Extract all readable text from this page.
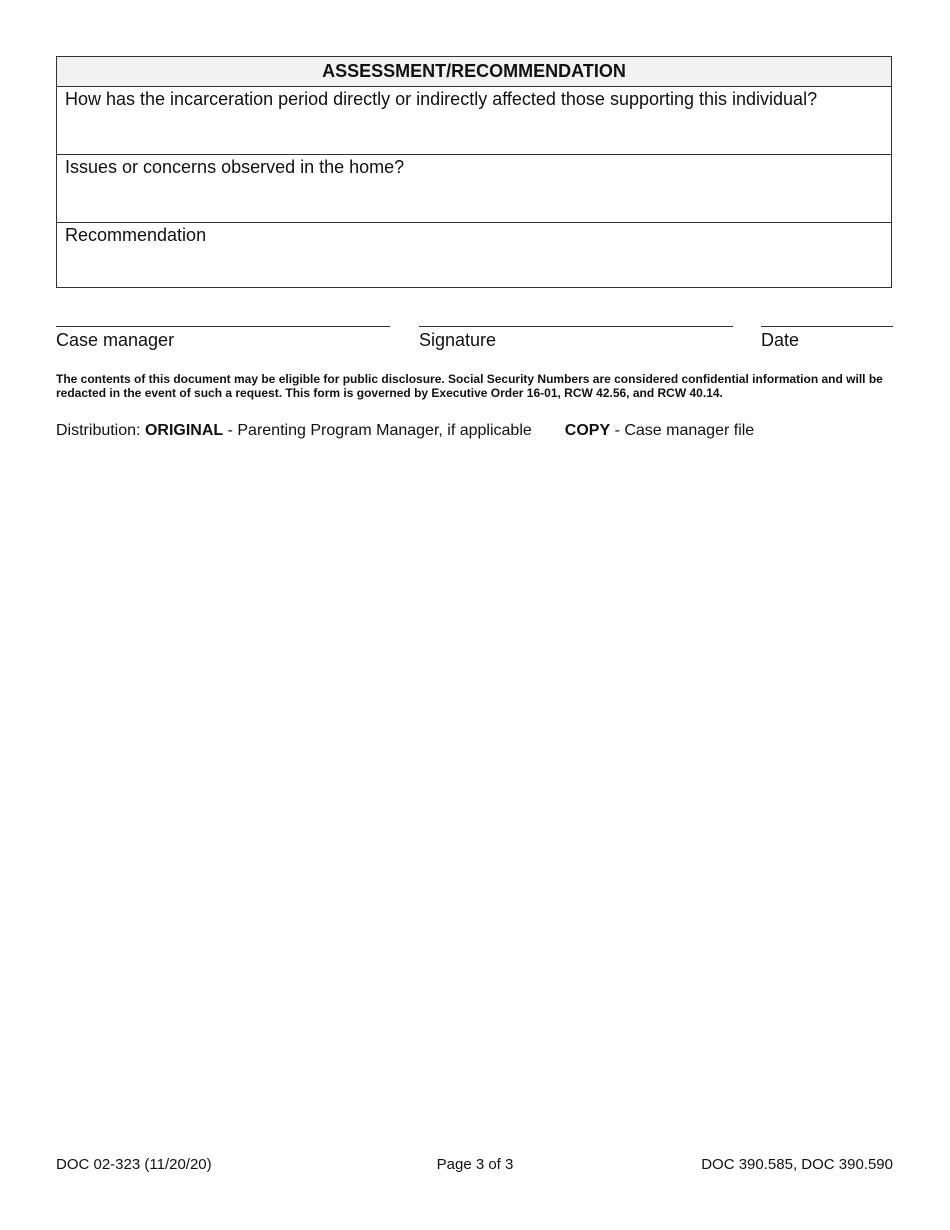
ASSESSMENT/RECOMMENDATION
How has the incarceration period directly or indirectly affected those supporting this individual?
Issues or concerns observed in the home?
Recommendation
Case manager	Signature	Date
The contents of this document may be eligible for public disclosure. Social Security Numbers are considered confidential information and will be redacted in the event of such a request. This form is governed by Executive Order 16-01, RCW 42.56, and RCW 40.14.
Distribution: ORIGINAL - Parenting Program Manager, if applicable COPY - Case manager file
DOC 02-323 (11/20/20)	Page 3 of 3	DOC 390.585, DOC 390.590
